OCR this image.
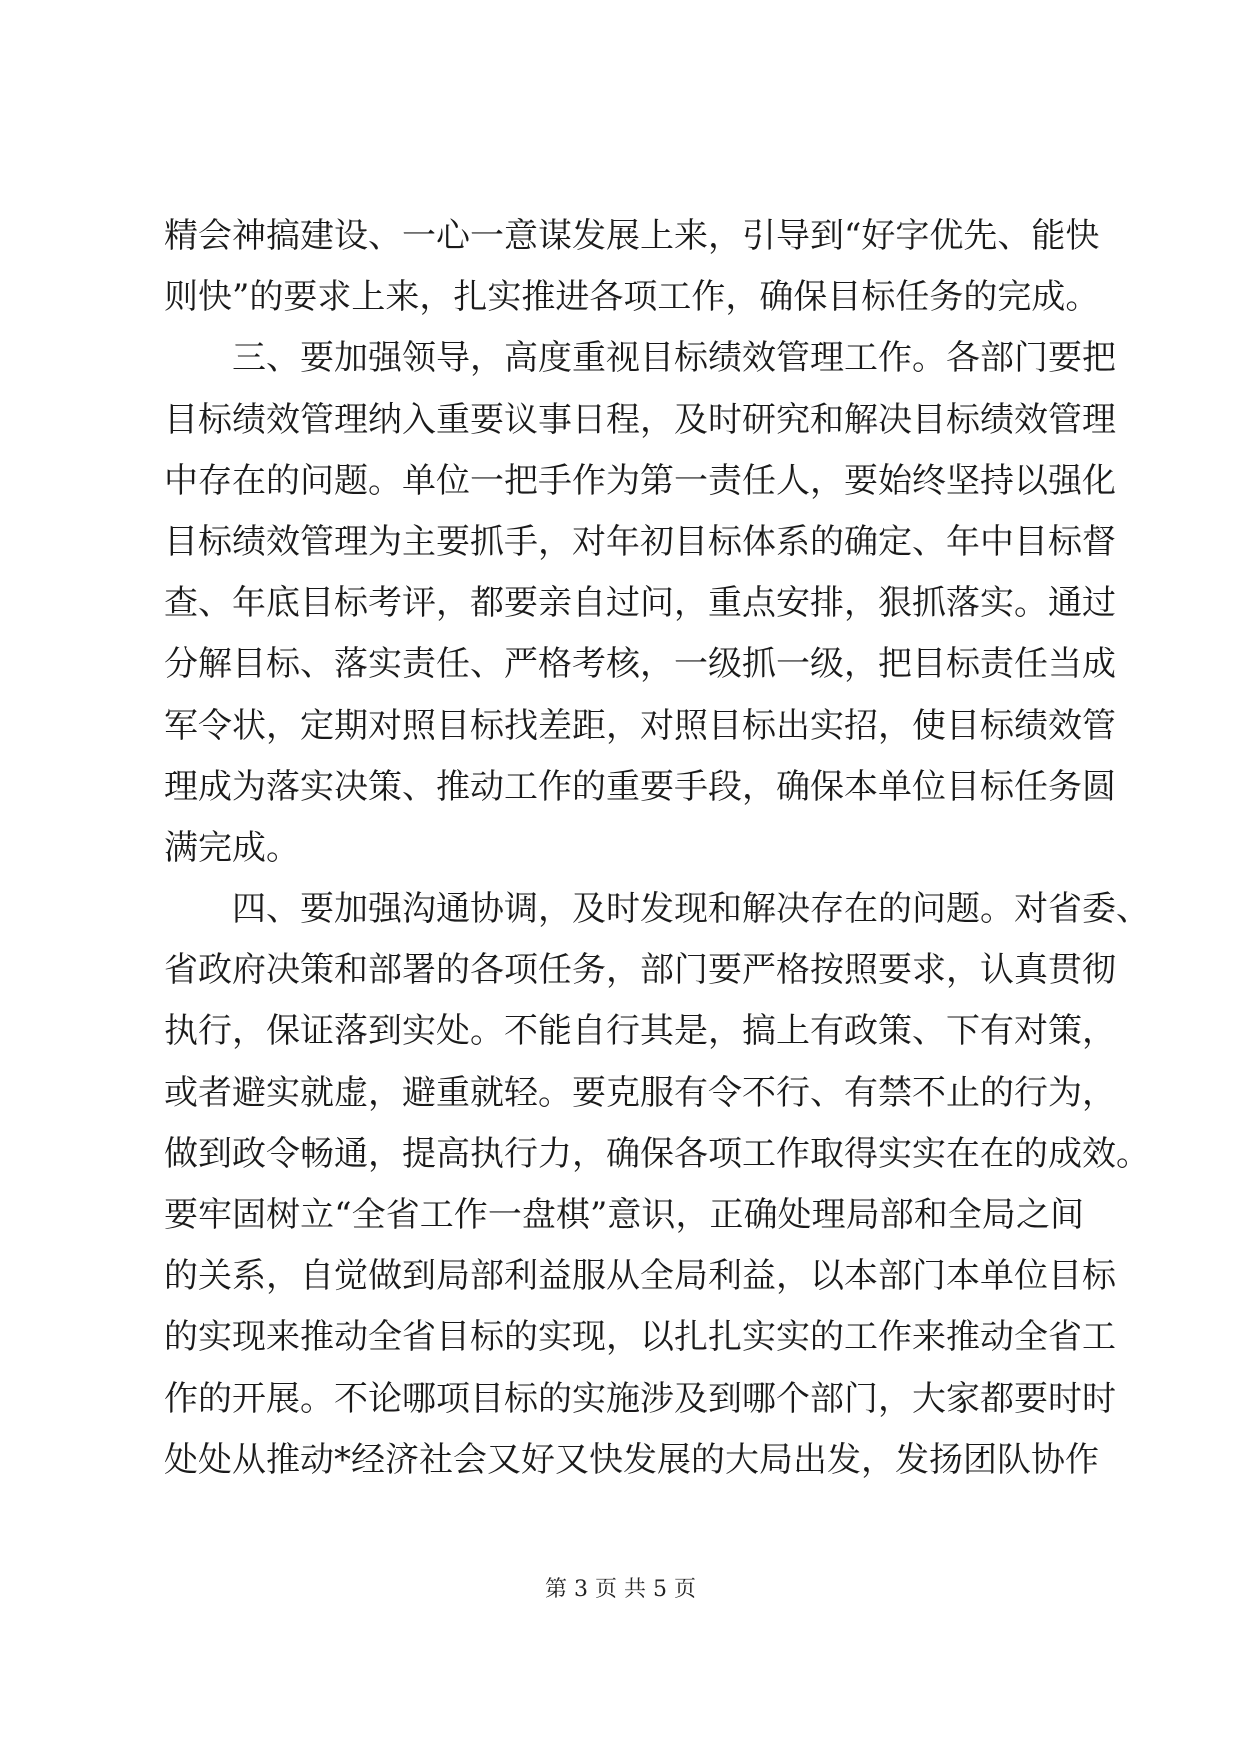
精会神搞建设、一心一意谋发展上来，引导到“好字优先、能快
则快”的要求上来，扎实推进各项工作，确保目标任务的完成。
　　三、要加强领导，高度重视目标绩效管理工作。各部门要把
目标绩效管理纳入重要议事日程，及时研究和解决目标绩效管理
中存在的问题。单位一把手作为第一责任人，要始终坚持以强化
目标绩效管理为主要抓手，对年初目标体系的确定、年中目标督
查、年底目标考评，都要亲自过问，重点安排，狠抓落实。通过
分解目标、落实责任、严格考核，一级抓一级，把目标责任当成
军令状，定期对照目标找差距，对照目标出实招，使目标绩效管
理成为落实决策、推动工作的重要手段，确保本单位目标任务圆
满完成。
　　四、要加强沟通协调，及时发现和解决存在的问题。对省委、
省政府决策和部署的各项任务，部门要严格按照要求，认真贯彻
执行，保证落到实处。不能自行其是，搞上有政策、下有对策，
或者避实就虚，避重就轻。要克服有令不行、有禁不止的行为，
做到政令畅通，提高执行力，确保各项工作取得实实在在的成效。
要牢固树立“全省工作一盘棋”意识，正确处理局部和全局之间
的关系，自觉做到局部利益服从全局利益，以本部门本单位目标
的实现来推动全省目标的实现，以扎扎实实的工作来推动全省工
作的开展。不论哪项目标的实施涉及到哪个部门，大家都要时时
处处从推动*经济社会又好又快发展的大局出发，发扬团队协作
第 3 页 共 5 页
